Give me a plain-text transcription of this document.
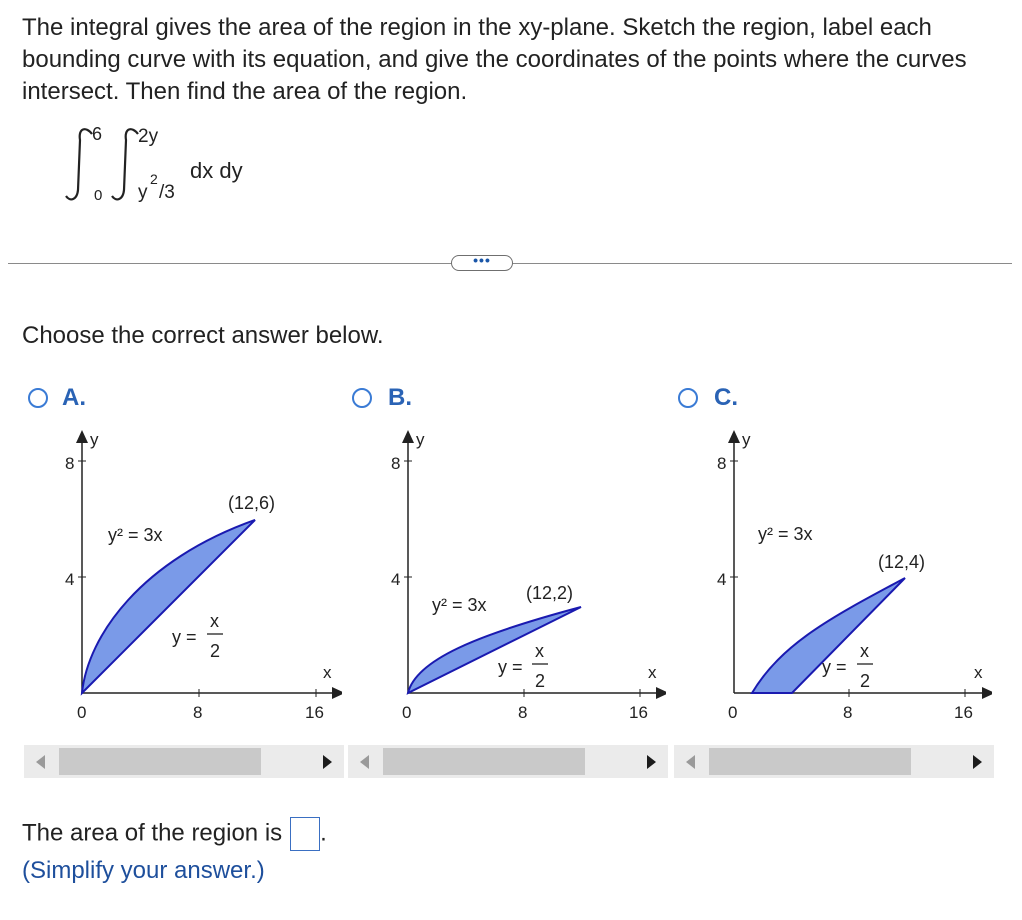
The integral gives the area of the region in the xy-plane. Sketch the region, label each bounding curve with its equation, and give the coordinates of the points where the curves intersect. Then find the area of the region.

6
0
2y
y
2
/3
dx dy
•••
Choose the correct answer below.
A.	B.	C.
y
x
8
4
0	8	16
(12,6)
y² = 3x
y =
x
2
y
x
8
4
0	8	16
(12,2)
y² = 3x
y =
x
2
y
x
8
4
0	8	16
(12,4)
y² = 3x
y =
x
2
The area of the region is .
(Simplify your answer.)
